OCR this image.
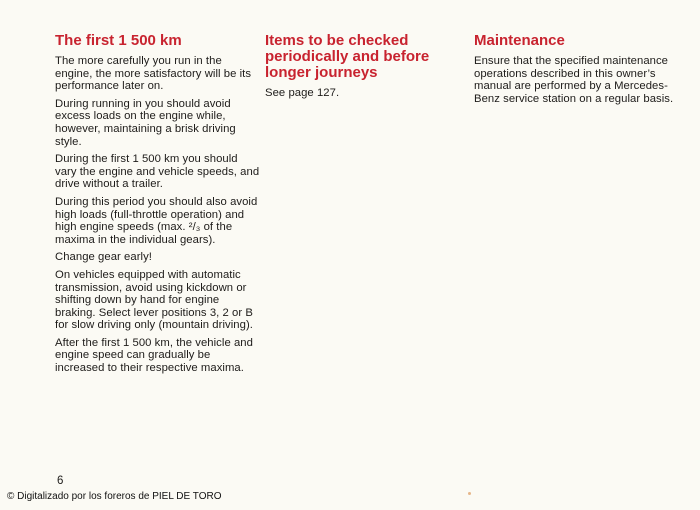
The first 1 500 km

The more carefully you run in the engine, the more satisfactory will be its performance later on.

During running in you should avoid excess loads on the engine while, however, maintaining a brisk driving style.

During the first 1 500 km you should vary the engine and vehicle speeds, and drive without a trailer.

During this period you should also avoid high loads (full-throttle operation) and high engine speeds (max. ²/₃ of the maxima in the individual gears).

Change gear early!

On vehicles equipped with automatic transmission, avoid using kickdown or shifting down by hand for engine braking. Select lever positions 3, 2 or B for slow driving only (mountain driving).

After the first 1 500 km, the vehicle and engine speed can gradually be increased to their respective maxima.

Items to be checked periodically and before longer journeys

See page 127.

Maintenance

Ensure that the specified maintenance operations described in this owner’s manual are performed by a Mercedes-Benz service station on a regular basis.

6
© Digitalizado por los foreros de PIEL DE TORO
